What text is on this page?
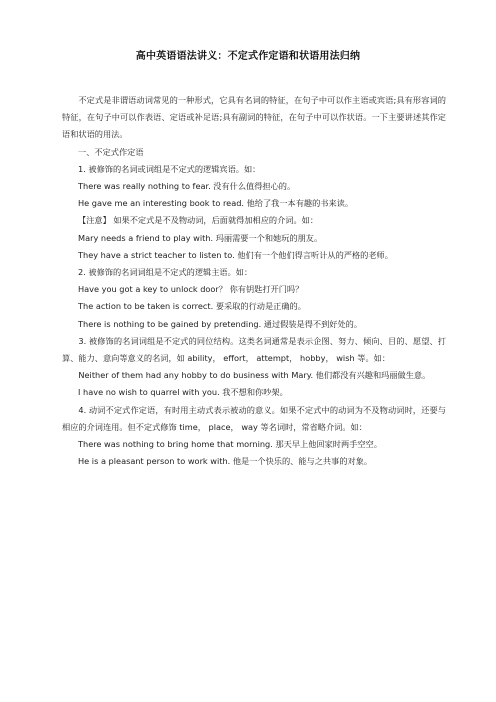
高中英语语法讲义：不定式作定语和状语用法归纳

不定式是非谓语动词常见的一种形式，它具有名词的特征，在句子中可以作主语或宾语;具有形容词的特征，在句子中可以作表语、定语或补足语;具有副词的特征，在句子中可以作状语。一下主要讲述其作定语和状语的用法。

一、不定式作定语

1. 被修饰的名词或词组是不定式的逻辑宾语。如：

There was really nothing to fear. 没有什么值得担心的。

He gave me an interesting book to read. 他给了我一本有趣的书来读。

【注意】 如果不定式是不及物动词，后面就得加相应的介词。如：

Mary needs a friend to play with. 玛丽需要一个和她玩的朋友。

They have a strict teacher to listen to. 他们有一个他们得言听计从的严格的老师。

2. 被修饰的名词词组是不定式的逻辑主语。如：

Have you got a key to unlock door？ 你有钥匙打开门吗？

The action to be taken is correct. 要采取的行动是正确的。

There is nothing to be gained by pretending. 通过假装是得不到好处的。

3. 被修饰的名词词组是不定式的同位结构。这类名词通常是表示企图、努力、倾向、目的、愿望、打算、能力、意向等意义的名词，如 ability， effort， attempt， hobby， wish 等。如：

Neither of them had any hobby to do business with Mary. 他们都没有兴趣和玛丽做生意。

I have no wish to quarrel with you. 我不想和你吵架。

4. 动词不定式作定语，有时用主动式表示被动的意义。如果不定式中的动词为不及物动词时，还要与相应的介词连用。但不定式修饰 time， place， way 等名词时，常省略介词。如：

There was nothing to bring home that morning. 那天早上他回家时两手空空。

He is a pleasant person to work with. 他是一个快乐的、能与之共事的对象。
